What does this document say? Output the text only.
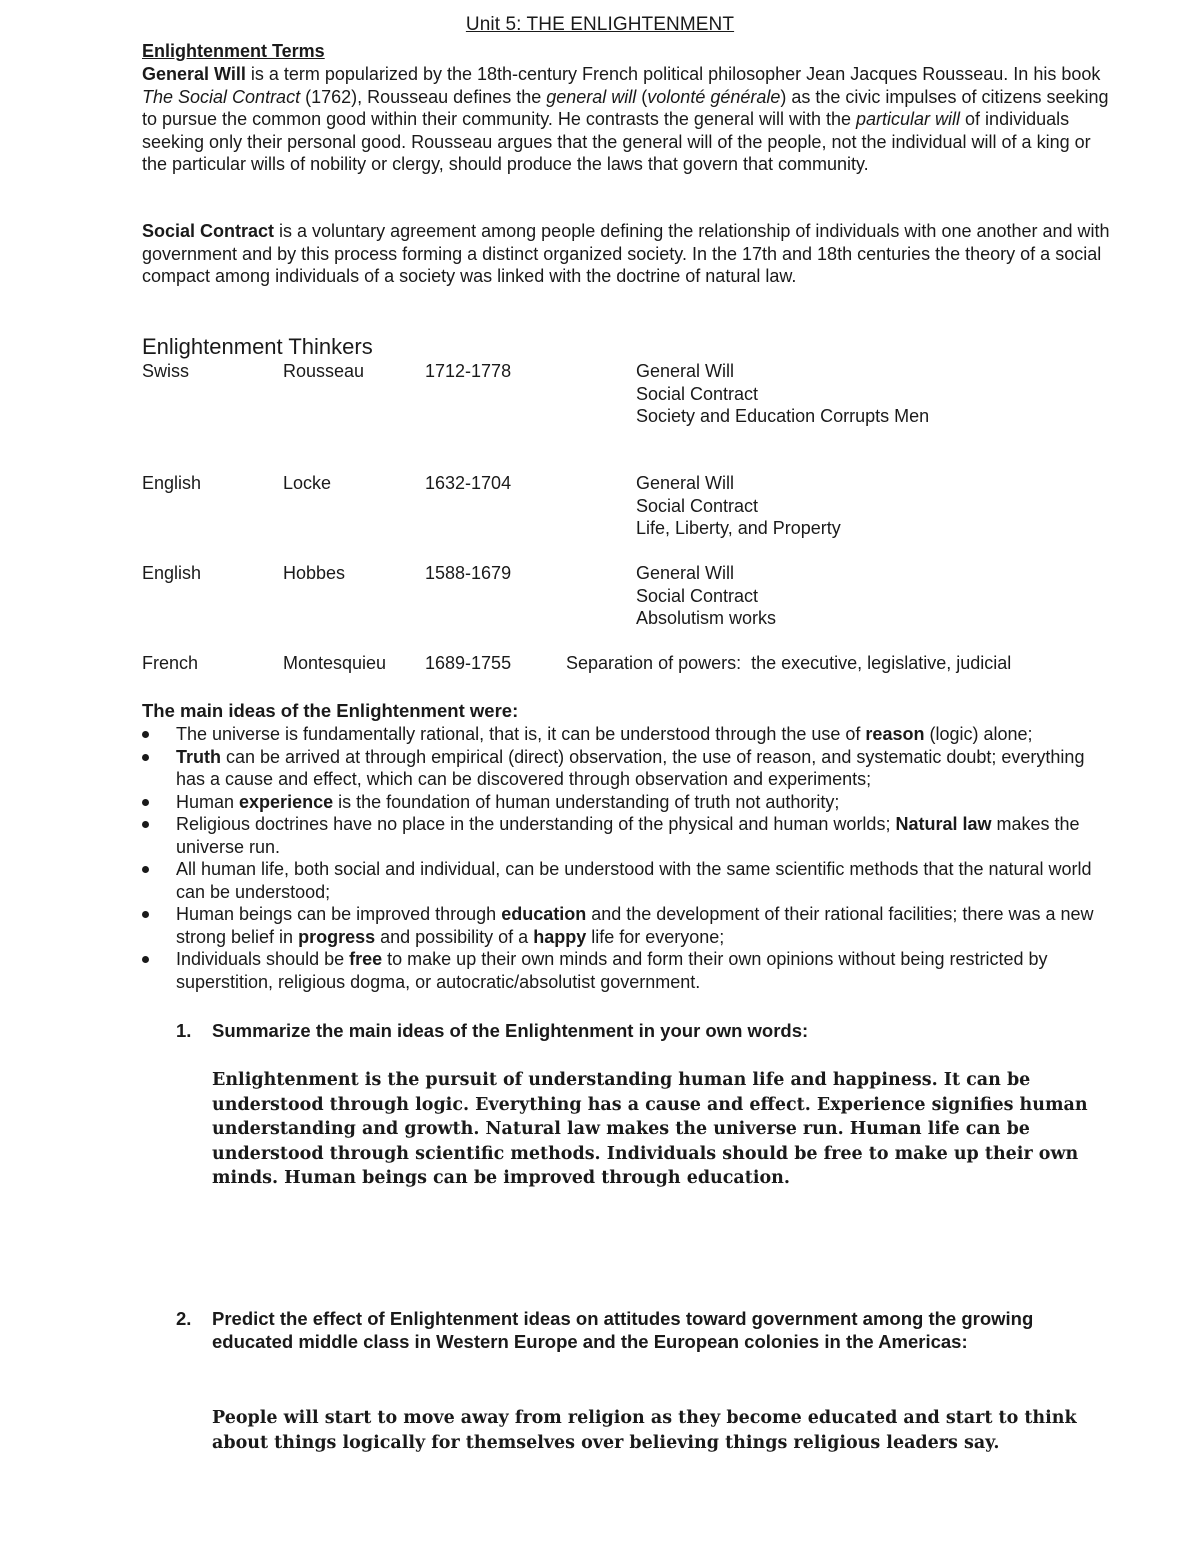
Unit 5: THE ENLIGHTENMENT
Enlightenment Terms

General Will is a term popularized by the 18th-century French political philosopher Jean Jacques Rousseau. In his book The Social Contract (1762), Rousseau defines the general will (volonté générale) as the civic impulses of citizens seeking to pursue the common good within their community. He contrasts the general will with the particular will of individuals seeking only their personal good. Rousseau argues that the general will of the people, not the individual will of a king or the particular wills of nobility or clergy, should produce the laws that govern that community.

Social Contract is a voluntary agreement among people defining the relationship of individuals with one another and with government and by this process forming a distinct organized society. In the 17th and 18th centuries the theory of a social compact among individuals of a society was linked with the doctrine of natural law.

Enlightenment Thinkers
Swiss	Rousseau	1712-1778	General Will
Social Contract
Society and Education Corrupts Men
English	Locke	1632-1704	General Will
Social Contract
Life, Liberty, and Property
English	Hobbes	1588-1679	General Will
Social Contract
Absolutism works
French	Montesquieu 1689-1755	Separation of powers:  the executive, legislative, judicial
The main ideas of the Enlightenment were:
The universe is fundamentally rational, that is, it can be understood through the use of reason (logic) alone;
Truth can be arrived at through empirical (direct) observation, the use of reason, and systematic doubt; everything has a cause and effect, which can be discovered through observation and experiments;
Human experience is the foundation of human understanding of truth not authority;
Religious doctrines have no place in the understanding of the physical and human worlds; Natural law makes the universe run.
All human life, both social and individual, can be understood with the same scientific methods that the natural world can be understood;
Human beings can be improved through education and the development of their rational facilities; there was a new strong belief in progress and possibility of a happy life for everyone;
Individuals should be free to make up their own minds and form their own opinions without being restricted by superstition, religious dogma, or autocratic/absolutist government.
1. Summarize the main ideas of the Enlightenment in your own words:
Enlightenment is the pursuit of understanding human life and happiness. It can be understood through logic. Everything has a cause and effect. Experience signifies human understanding and growth. Natural law makes the universe run. Human life can be understood through scientific methods. Individuals should be free to make up their own minds. Human beings can be improved through education.
2. Predict the effect of Enlightenment ideas on attitudes toward government among the growing educated middle class in Western Europe and the European colonies in the Americas:
People will start to move away from religion as they become educated and start to think about things logically for themselves over believing things religious leaders say.
